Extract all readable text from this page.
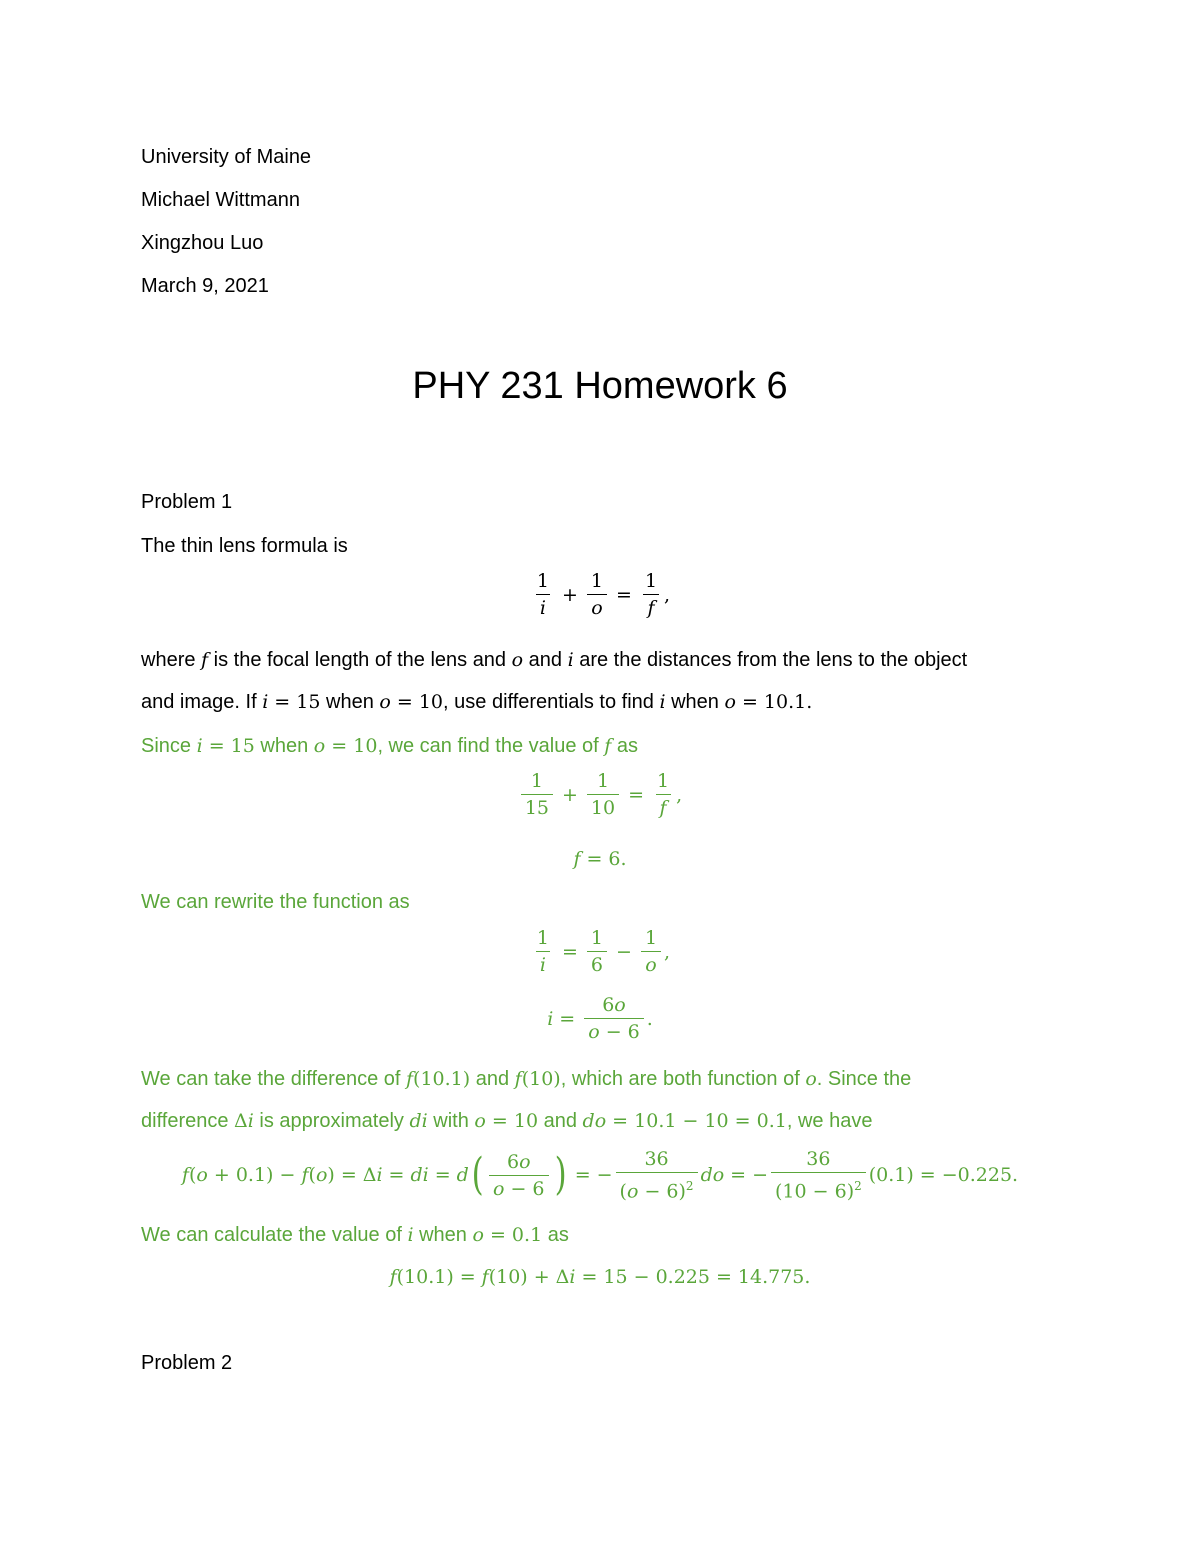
University of Maine
Michael Wittmann
Xingzhou Luo
March 9, 2021
PHY 231 Homework 6
Problem 1
The thin lens formula is
$\frac{1}{i} + \frac{1}{o} = \frac{1}{f}$ ,
where f is the focal length of the lens and o and i are the distances from the lens to the object
and image. If i = 15 when o = 10, use differentials to find i when o = 10.1.
Since i = 15 when o = 10, we can find the value of f as
$\frac{1}{15} + \frac{1}{10} = \frac{1}{f}$ ,
f = 6.
We can rewrite the function as
$\frac{1}{i} = \frac{1}{6} - \frac{1}{o}$ ,
$i = \frac{6o}{o - 6}$ .
We can take the difference of f(10.1) and f(10), which are both function of o. Since the
difference Δi is approximately di with o = 10 and do = 10.1 − 10 = 0.1, we have
f ( o + 0.1) − f ( o ) = Δ i = di = d ( $\frac{6o}{o - 6}$ ) = − $\frac{36}{(o - 6)^2}$ do = − $\frac{36}{(10 - 6)^2} (0.1) = -0.225$.
We can calculate the value of i when o = 0.1 as
f (10.1) = f (10) + Δ i = 15 − 0.225 = 14.775.
Problem 2
